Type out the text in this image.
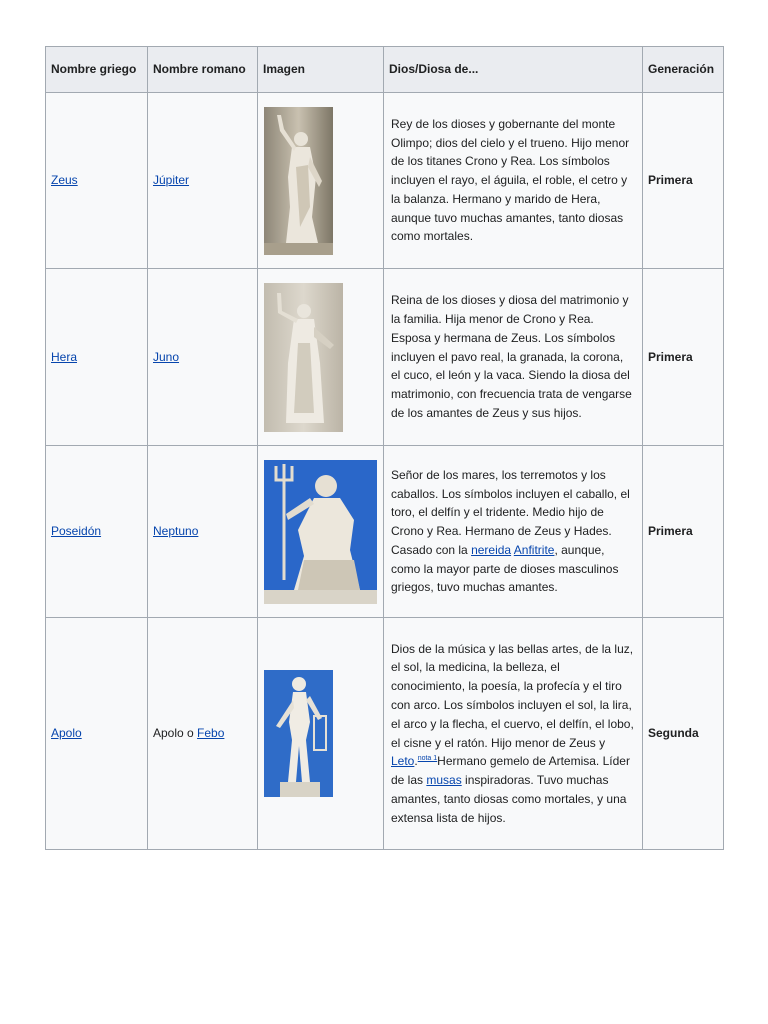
Nombre griego	Nombre romano	Imagen	Dios/Diosa de...	Generación
Zeus	Júpiter		Rey de los dioses y gobernante del monte Olimpo; dios del cielo y el trueno. Hijo menor de los titanes Crono y Rea. Los símbolos incluyen el rayo, el águila, el roble, el cetro y la balanza. Hermano y marido de Hera, aunque tuvo muchas amantes, tanto diosas como mortales.	Primera
Hera	Juno		Reina de los dioses y diosa del matrimonio y la familia. Hija menor de Crono y Rea. Esposa y hermana de Zeus. Los símbolos incluyen el pavo real, la granada, la corona, el cuco, el león y la vaca. Siendo la diosa del matrimonio, con frecuencia trata de vengarse de los amantes de Zeus y sus hijos.	Primera
Poseidón	Neptuno		Señor de los mares, los terremotos y los caballos. Los símbolos incluyen el caballo, el toro, el delfín y el tridente. Medio hijo de Crono y Rea. Hermano de Zeus y Hades. Casado con la nereida Anfitrite, aunque, como la mayor parte de dioses masculinos griegos, tuvo muchas amantes.	Primera
Apolo	Apolo o Febo		Dios de la música y las bellas artes, de la luz, el sol, la medicina, la belleza, el conocimiento, la poesía, la profecía y el tiro con arco. Los símbolos incluyen el sol, la lira, el arco y la flecha, el cuervo, el delfín, el lobo, el cisne y el ratón. Hijo menor de Zeus y Leto.$^{nota 1}$Hermano gemelo de Artemisa. Líder de las musas inspiradoras. Tuvo muchas amantes, tanto diosas como mortales, y una extensa lista de hijos.	Segunda
